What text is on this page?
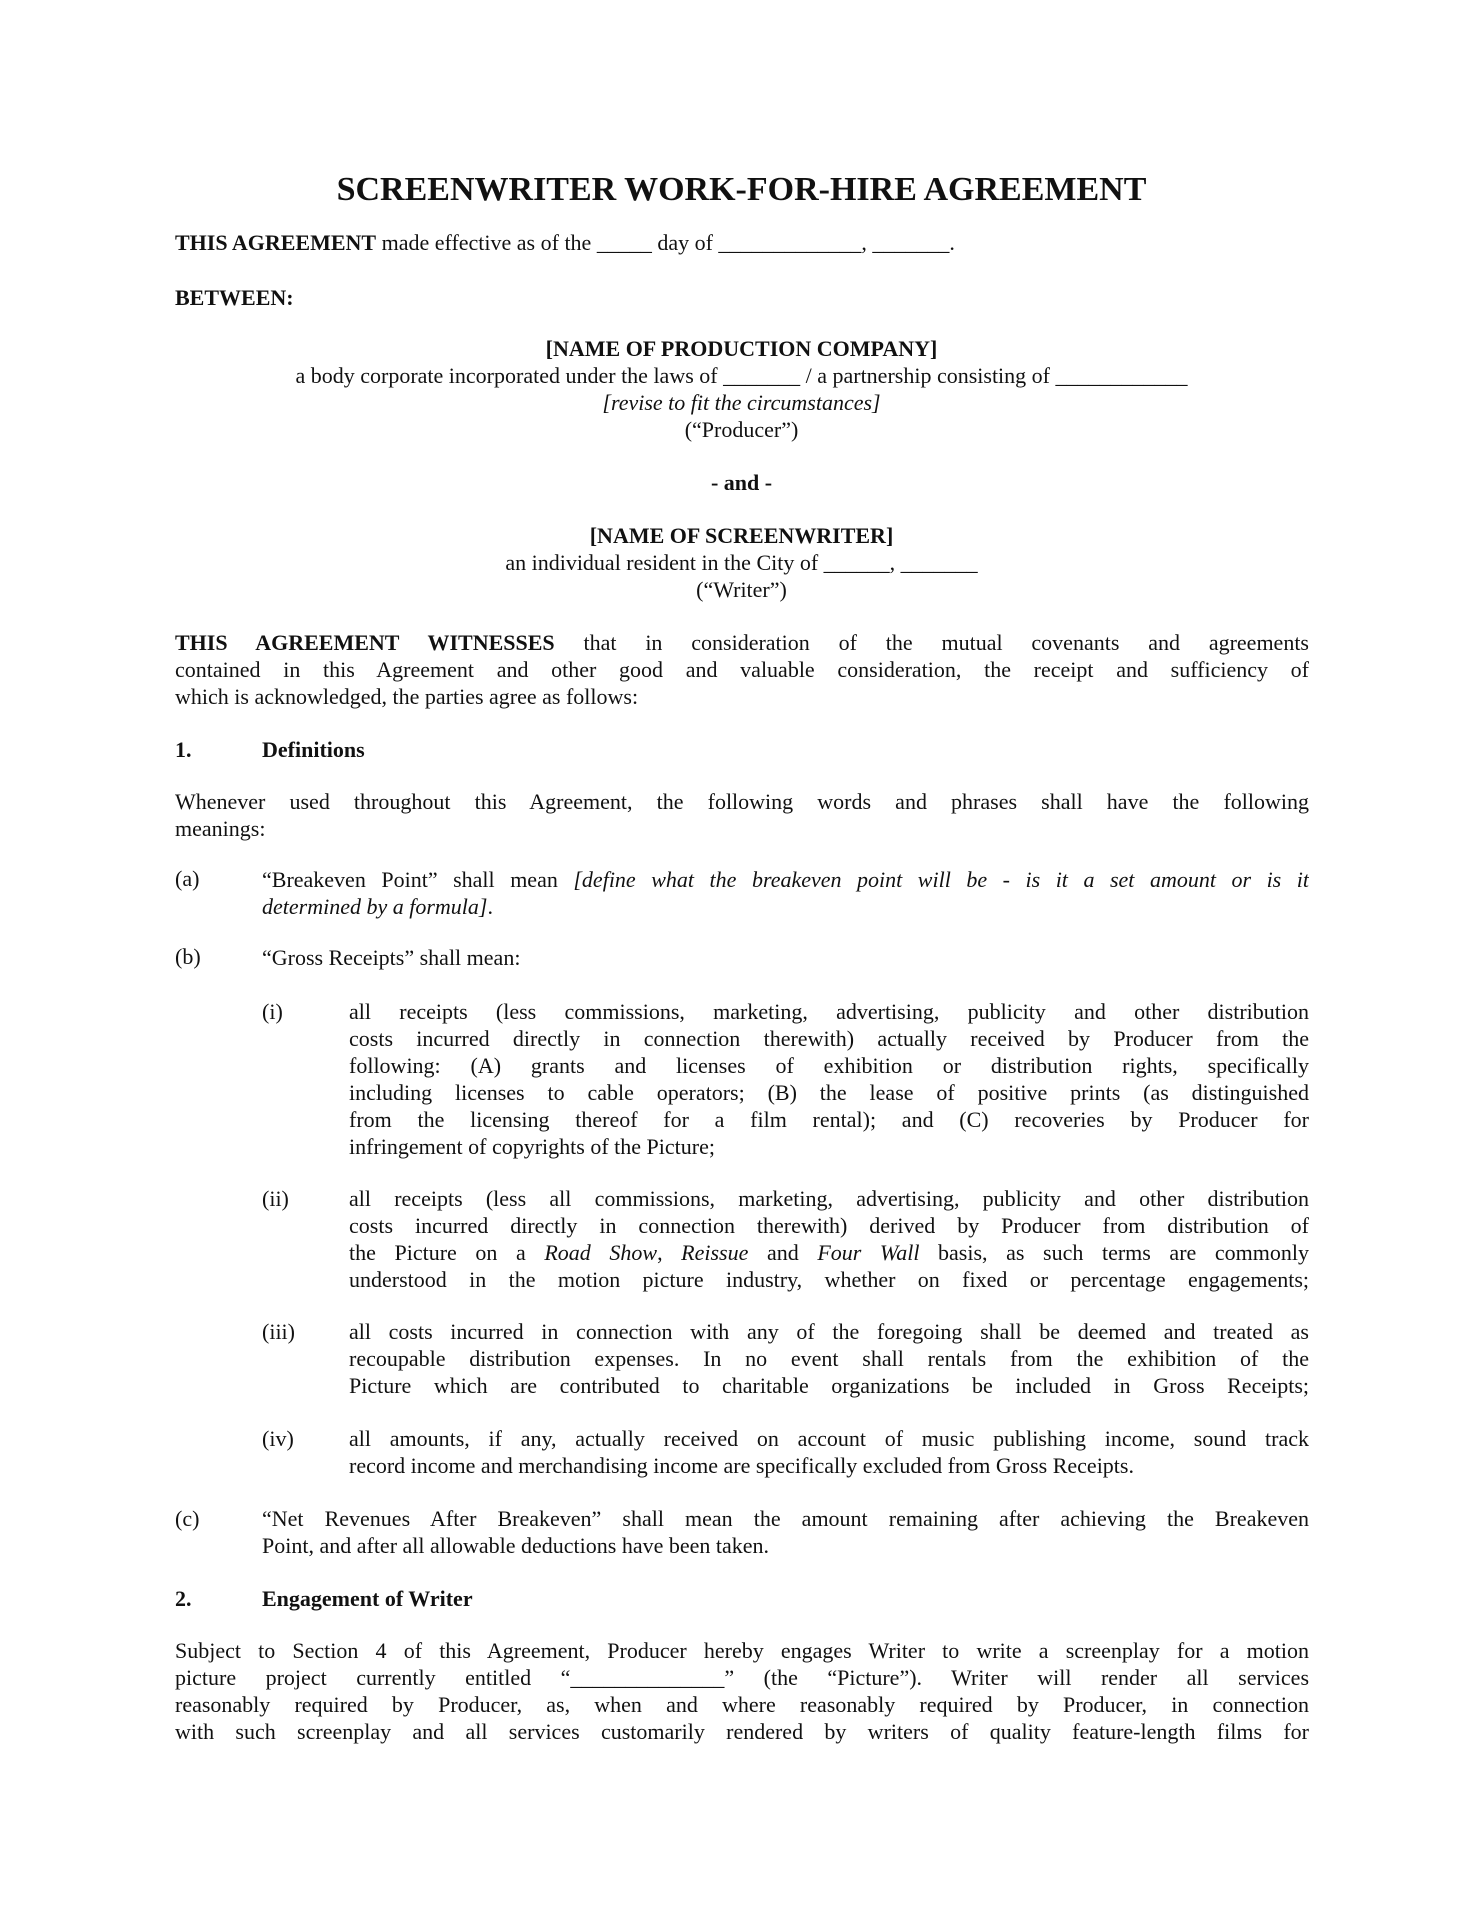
SCREENWRITER WORK-FOR-HIRE AGREEMENT
THIS AGREEMENT made effective as of the _____ day of _____________, _______.
BETWEEN:
[NAME OF PRODUCTION COMPANY]
a body corporate incorporated under the laws of _______ / a partnership consisting of ____________
[revise to fit the circumstances]
(“Producer”)
- and -
[NAME OF SCREENWRITER]
an individual resident in the City of ______, _______
(“Writer”)
THIS AGREEMENT WITNESSES that in consideration of the mutual covenants and agreements
contained in this Agreement and other good and valuable consideration, the receipt and sufficiency of
which is acknowledged, the parties agree as follows:
1.	Definitions
Whenever used throughout this Agreement, the following words and phrases shall have the following
meanings:
(a)	“Breakeven Point” shall mean [define what the breakeven point will be - is it a set amount or is it
determined by a formula].
(b)	“Gross Receipts” shall mean:
(i)	all receipts (less commissions, marketing, advertising, publicity and other distribution
costs incurred directly in connection therewith) actually received by Producer from the
following: (A) grants and licenses of exhibition or distribution rights, specifically
including licenses to cable operators; (B) the lease of positive prints (as distinguished
from the licensing thereof for a film rental); and (C) recoveries by Producer for
infringement of copyrights of the Picture;
(ii)	all receipts (less all commissions, marketing, advertising, publicity and other distribution
costs incurred directly in connection therewith) derived by Producer from distribution of
the Picture on a Road Show, Reissue and Four Wall basis, as such terms are commonly
understood in the motion picture industry, whether on fixed or percentage engagements;
(iii) all costs incurred in connection with any of the foregoing shall be deemed and treated as
recoupable distribution expenses. In no event shall rentals from the exhibition of the
Picture which are contributed to charitable organizations be included in Gross Receipts;
(iv)	all amounts, if any, actually received on account of music publishing income, sound track
record income and merchandising income are specifically excluded from Gross Receipts.
(c)	“Net Revenues After Breakeven” shall mean the amount remaining after achieving the Breakeven
Point, and after all allowable deductions have been taken.
2.	Engagement of Writer
Subject to Section 4 of this Agreement, Producer hereby engages Writer to write a screenplay for a motion
picture project currently entitled “______________” (the “Picture”). Writer will render all services
reasonably required by Producer, as, when and where reasonably required by Producer, in connection
with such screenplay and all services customarily rendered by writers of quality feature-length films for
